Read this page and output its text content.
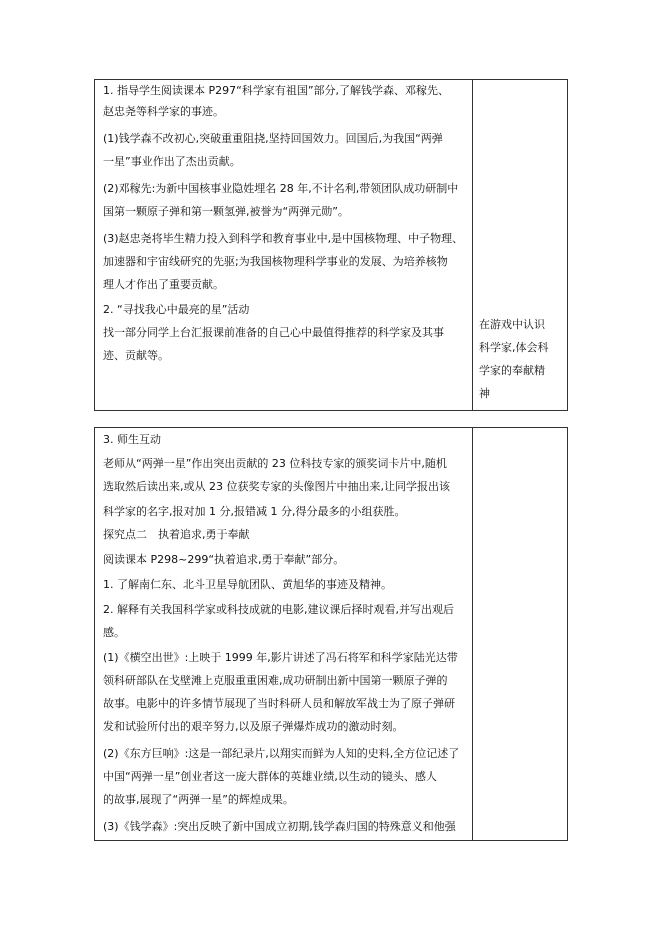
1. 指导学生阅读课本 P297“科学家有祖国”部分,了解钱学森、邓稼先、
赵忠尧等科学家的事迹。
(1)钱学森不改初心,突破重重阻挠,坚持回国效力。回国后,为我国“两弹
一星”事业作出了杰出贡献。
(2)邓稼先:为新中国核事业隐姓埋名 28 年,不计名利,带领团队成功研制中
国第一颗原子弹和第一颗氢弹,被誉为“两弹元勋”。
(3)赵忠尧将毕生精力投入到科学和教育事业中,是中国核物理、中子物理、
加速器和宇宙线研究的先驱;为我国核物理科学事业的发展、为培养核物
理人才作出了重要贡献。
2. “寻找我心中最亮的星”活动
找一部分同学上台汇报课前准备的自己心中最值得推荐的科学家及其事
迹、贡献等。

在游戏中认识

科学家,体会科

学家的奉献精

神

3. 师生互动
老师从“两弹一星”作出突出贡献的 23 位科技专家的颁奖词卡片中,随机
选取然后读出来,或从 23 位获奖专家的头像图片中抽出来,让同学报出该
科学家的名字,报对加 1 分,报错减 1 分,得分最多的小组获胜。
探究点二　执着追求,勇于奉献
阅读课本 P298~299“执着追求,勇于奉献”部分。
1. 了解南仁东、北斗卫星导航团队、黄旭华的事迹及精神。
2. 解释有关我国科学家或科技成就的电影,建议课后择时观看,并写出观后
感。
(1)《横空出世》:上映于 1999 年,影片讲述了冯石将军和科学家陆光达带
领科研部队在戈壁滩上克服重重困难,成功研制出新中国第一颗原子弹的
故事。电影中的许多情节展现了当时科研人员和解放军战士为了原子弹研
发和试验所付出的艰辛努力,以及原子弹爆炸成功的激动时刻。
(2)《东方巨响》:这是一部纪录片,以翔实而鲜为人知的史料,全方位记述了
中国“两弹一星”创业者这一庞大群体的英雄业绩,以生动的镜头、感人
的故事,展现了“两弹一星”的辉煌成果。
(3)《钱学森》:突出反映了新中国成立初期,钱学森归国的特殊意义和他强
